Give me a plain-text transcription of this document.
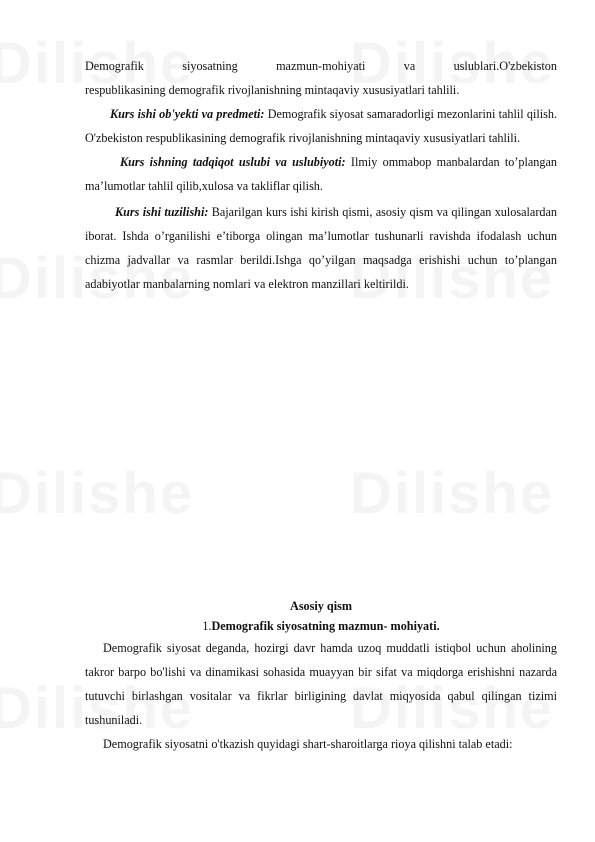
Demografik siyosatning mazmun-mohiyati va uslublari.O'zbekiston

respublikasining demografik rivojlanishning mintaqaviy xususiyatlari tahlili.

Kurs ishi ob'yekti va predmeti: Demografik siyosat samaradorligi mezonlarini tahlil qilish. O'zbekiston respublikasining demografik rivojlanishning mintaqaviy xususiyatlari tahlili.

Kurs ishning tadqiqot uslubi va uslubiyoti: Ilmiy ommabop manbalardan to’plangan ma’lumotlar tahlil qilib,xulosa va takliflar qilish.

Kurs ishi tuzilishi: Bajarilgan kurs ishi kirish qismi, asosiy qism va qilingan xulosalardan iborat. Ishda o’rganilishi e’tiborga olingan ma’lumotlar tushunarli ravishda ifodalash uchun chizma jadvallar va rasmlar berildi.Ishga qo’yilgan maqsadga erishishi uchun to’plangan adabiyotlar manbalarning nomlari va elektron manzillari keltirildi.

Asosiy qism
1.Demografik siyosatning mazmun- mohiyati.

Demografik siyosat deganda, hozirgi davr hamda uzoq muddatli istiqbol uchun aholining takror barpo bo'lishi va dinamikasi sohasida muayyan bir sifat va miqdorga erishishni nazarda tutuvchi birlashgan vositalar va fikrlar birligining davlat miqyosida qabul qilingan tizimi tushuniladi.

Demografik siyosatni o'tkazish quyidagi shart-sharoitlarga rioya qilishni talab etadi:
